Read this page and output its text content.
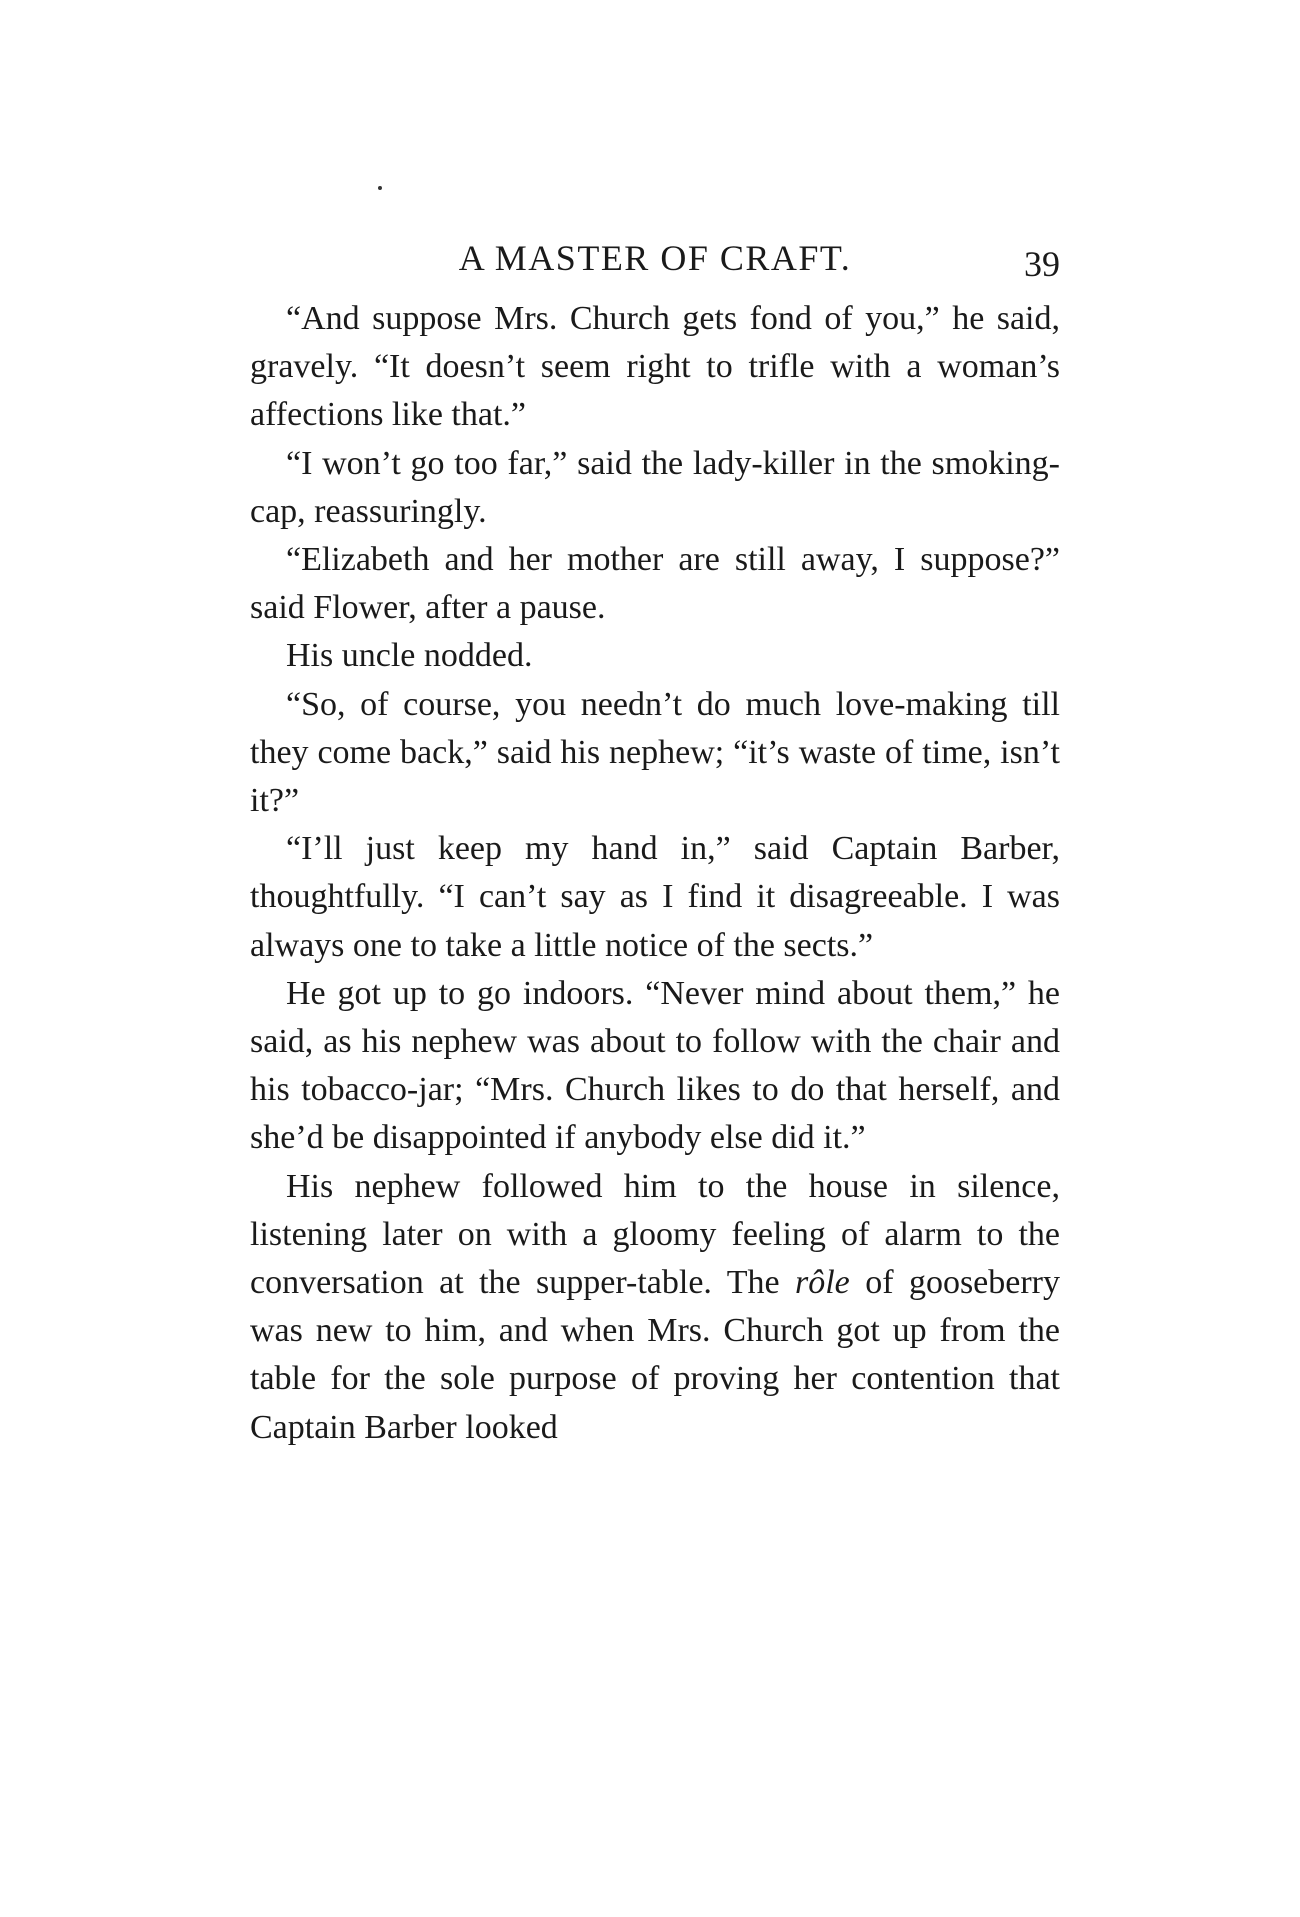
A MASTER OF CRAFT.	39

“And suppose Mrs. Church gets fond of you,” he said, gravely. “It doesn’t seem right to trifle with a woman’s affections like that.”

“I won’t go too far,” said the lady-killer in the smoking-cap, reassuringly.

“Elizabeth and her mother are still away, I suppose?” said Flower, after a pause.

His uncle nodded.

“So, of course, you needn’t do much love-making till they come back,” said his nephew; “it’s waste of time, isn’t it?”

“I’ll just keep my hand in,” said Captain Barber, thoughtfully. “I can’t say as I find it disagreeable. I was always one to take a little notice of the sects.”

He got up to go indoors. “Never mind about them,” he said, as his nephew was about to follow with the chair and his tobacco-jar; “Mrs. Church likes to do that herself, and she’d be disappointed if anybody else did it.”

His nephew followed him to the house in silence, listening later on with a gloomy feeling of alarm to the conversation at the supper-table. The rôle of gooseberry was new to him, and when Mrs. Church got up from the table for the sole purpose of proving her contention that Captain Barber looked
